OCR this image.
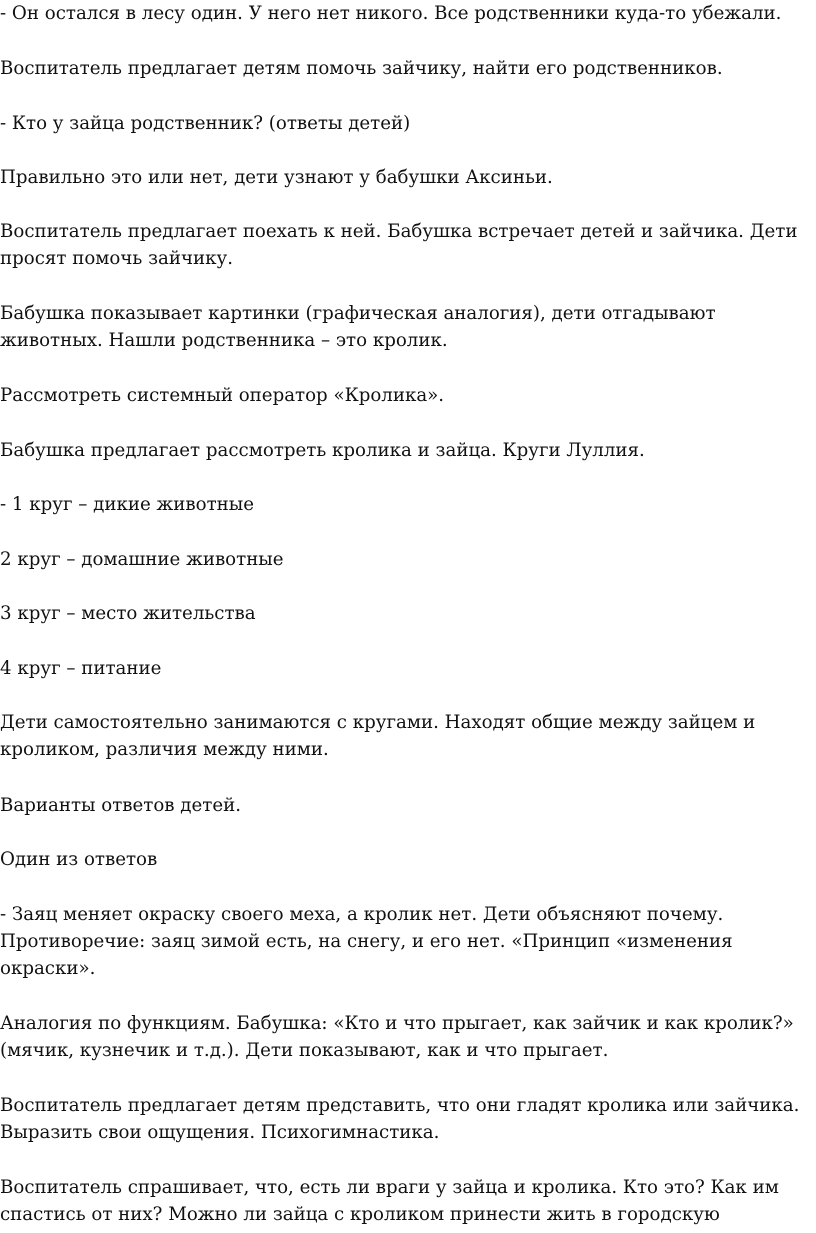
- Он остался в лесу один. У него нет никого. Все родственники куда-то убежали.

Воспитатель предлагает детям помочь зайчику, найти его родственников.

- Кто у зайца родственник? (ответы детей)

Правильно это или нет, дети узнают у бабушки Аксиньи.

Воспитатель предлагает поехать к ней. Бабушка встречает детей и зайчика. Дети просят помочь зайчику.

Бабушка показывает картинки (графическая аналогия), дети отгадывают животных. Нашли родственника – это кролик.

Рассмотреть системный оператор «Кролика».

Бабушка предлагает рассмотреть кролика и зайца. Круги Луллия.

- 1 круг – дикие животные

2 круг – домашние животные

3 круг – место жительства

4 круг – питание

Дети самостоятельно занимаются с кругами. Находят общие между зайцем и кроликом, различия между ними.

Варианты ответов детей.

Один из ответов

- Заяц меняет окраску своего меха, а кролик нет. Дети объясняют почему. Противоречие: заяц зимой есть, на снегу, и его нет. «Принцип «изменения окраски».

Аналогия по функциям. Бабушка: «Кто и что прыгает, как зайчик и как кролик?» (мячик, кузнечик и т.д.). Дети показывают, как и что прыгает.

Воспитатель предлагает детям представить, что они гладят кролика или зайчика. Выразить свои ощущения. Психогимнастика.

Воспитатель спрашивает, что, есть ли враги у зайца и кролика. Кто это? Как им спастись от них? Можно ли зайца с кроликом принести жить в городскую
